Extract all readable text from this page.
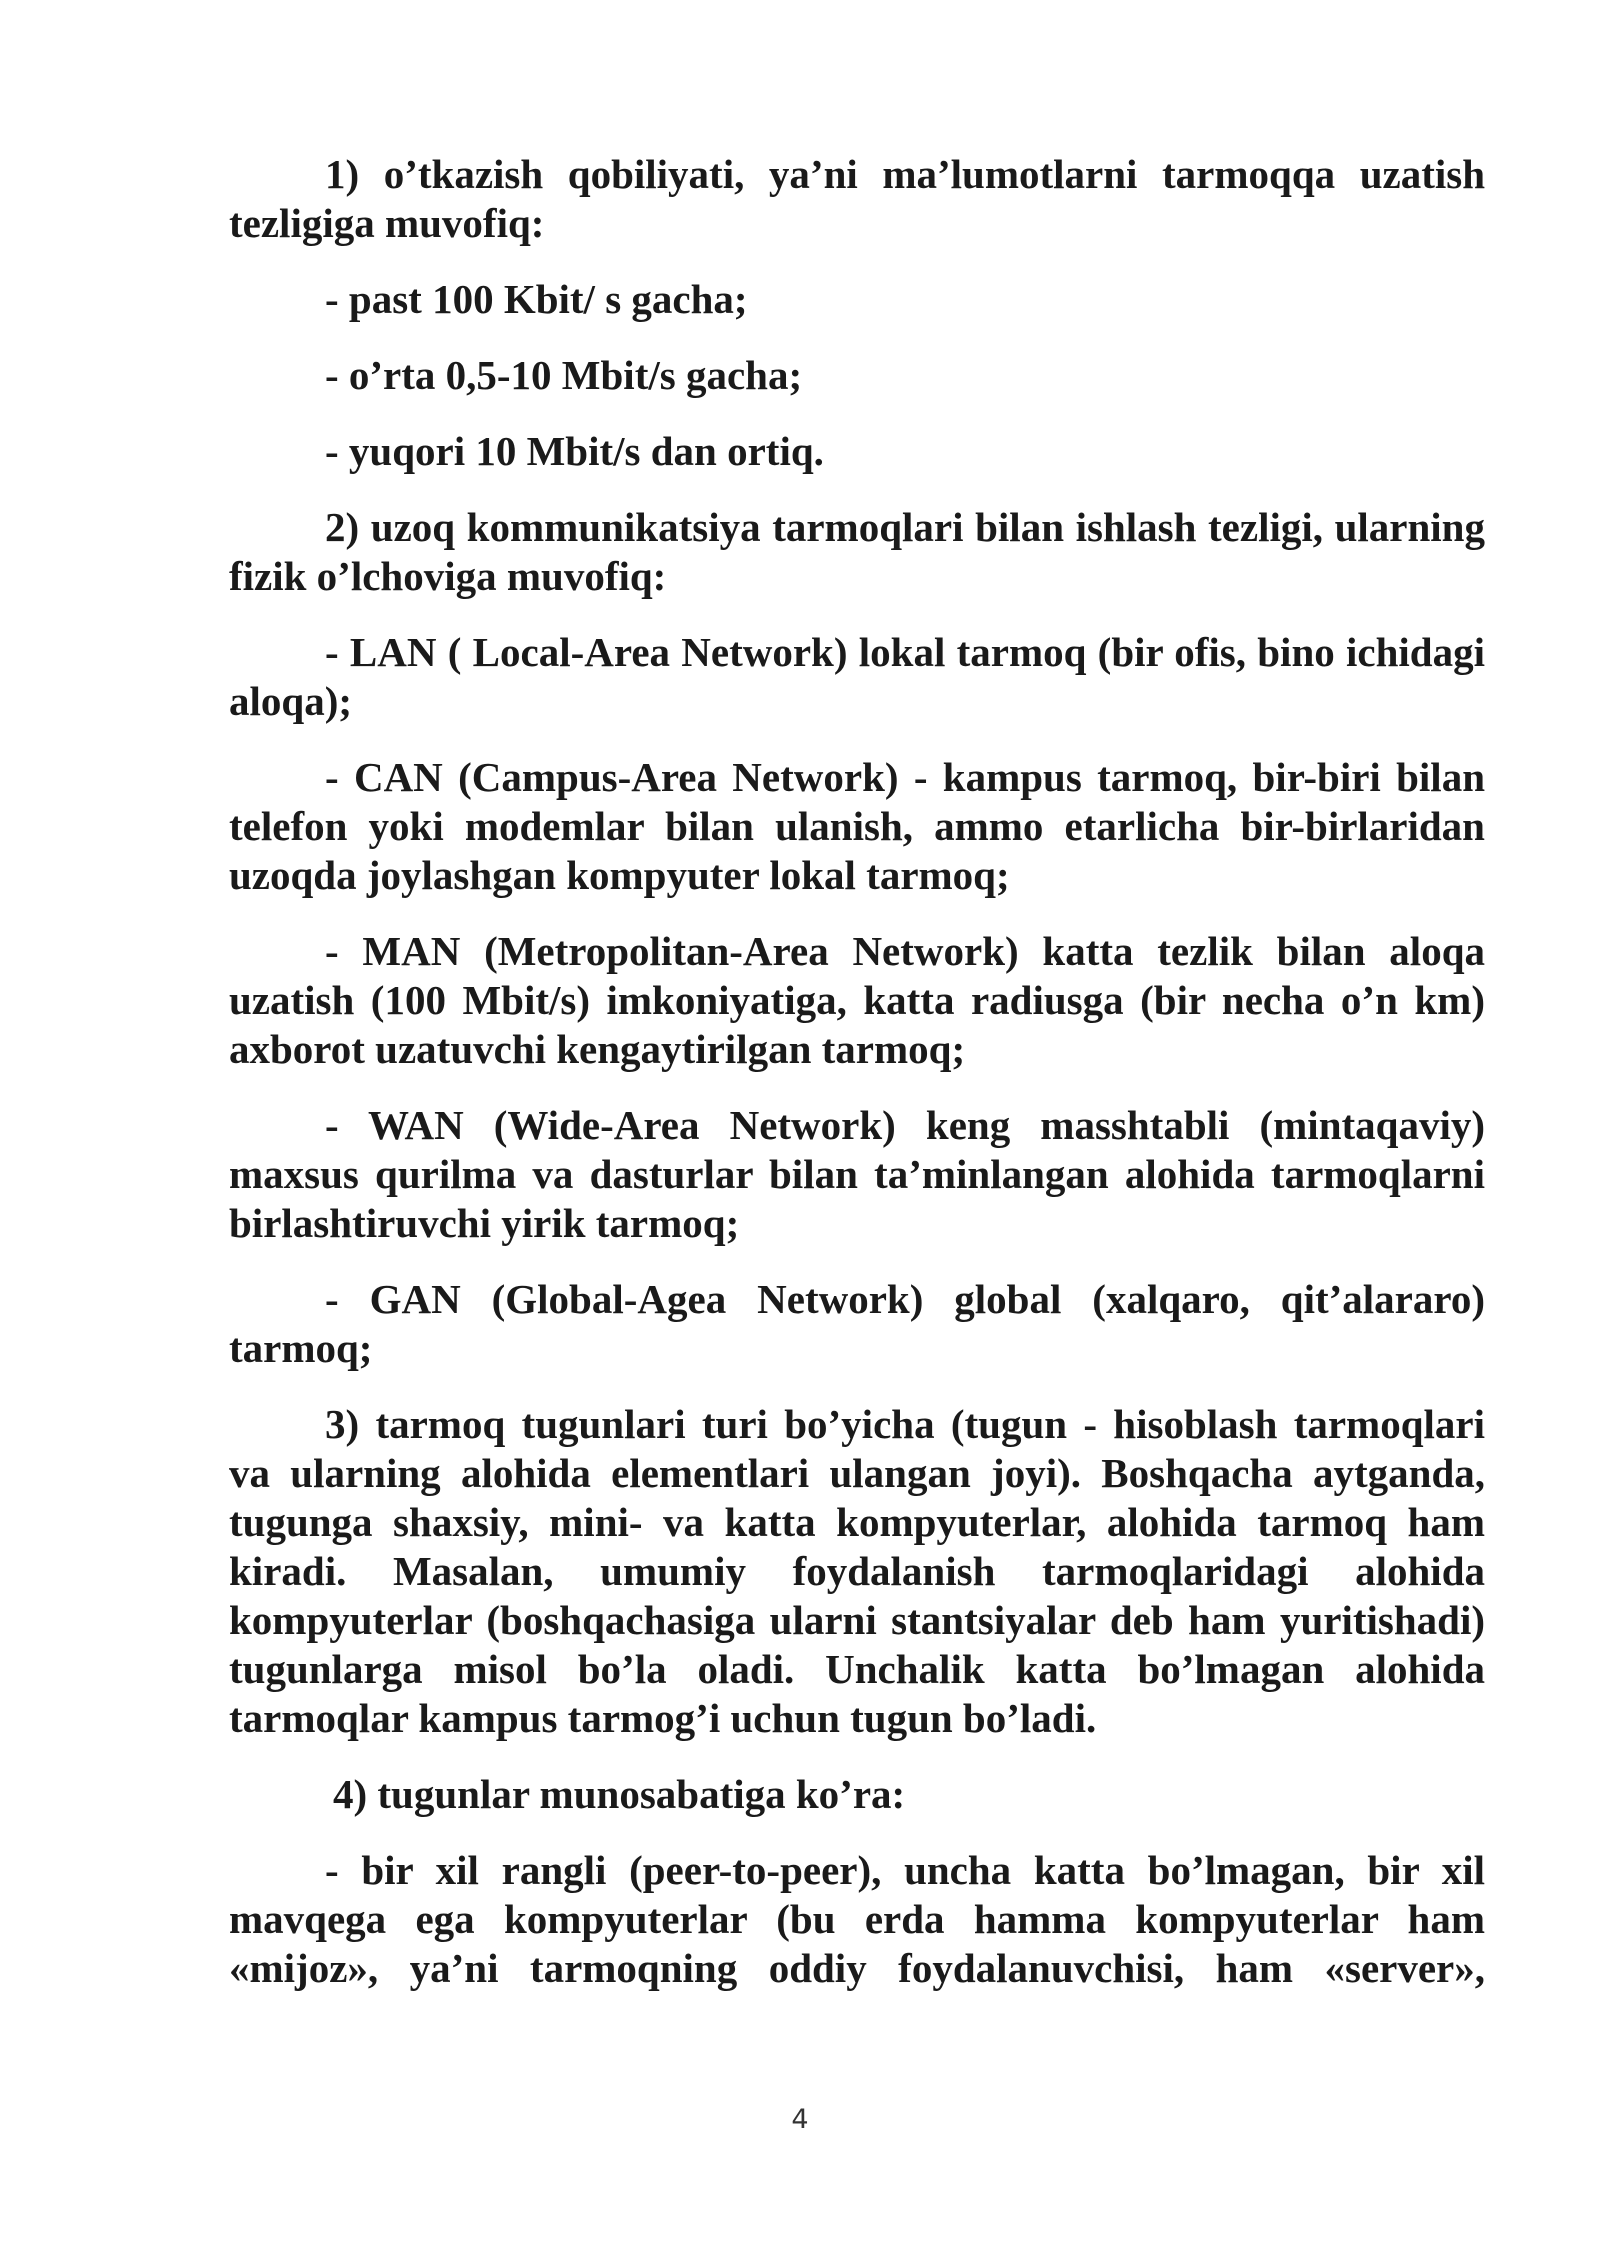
1) o’tkazish qobiliyati, ya’ni ma’lumotlarni tarmoqqa uzatish tezligiga muvofiq:

- past 100 Kbit/ s gacha;

- o’rta 0,5-10 Mbit/s gacha;

- yuqori 10 Mbit/s dan ortiq.

2) uzoq kommunikatsiya tarmoqlari bilan ishlash tezligi, ularning fizik o’lchoviga muvofiq:

- LAN ( Local-Area Network) lokal tarmoq (bir ofis, bino ichidagi aloqa);

- CAN (Campus-Area Network) - kampus tarmoq, bir-biri bilan telefon yoki modemlar bilan ulanish, ammo etarlicha bir-birlaridan uzoqda joylashgan kompyuter lokal tarmoq;

- MAN (Metropolitan-Area Network) katta tezlik bilan aloqa uzatish (100 Mbit/s) imkoniyatiga, katta radiusga (bir necha o’n km) axborot uzatuvchi kengaytirilgan tarmoq;

- WAN (Wide-Area Network) keng masshtabli (mintaqaviy) maxsus qurilma va dasturlar bilan ta’minlangan alohida tarmoqlarni birlashtiruvchi yirik tarmoq;

- GAN (Global-Agea Network) global (xalqaro, qit’alararo) tarmoq;

3) tarmoq tugunlari turi bo’yicha (tugun - hisoblash tarmoqlari va ularning alohida elementlari ulangan joyi). Boshqacha aytganda, tugunga shaxsiy, mini- va katta kompyuterlar, alohida tarmoq ham kiradi. Masalan, umumiy foydalanish tarmoqlaridagi alohida kompyuterlar (boshqachasiga ularni stantsiyalar deb ham yuritishadi) tugunlarga misol bo’la oladi. Unchalik katta bo’lmagan alohida tarmoqlar kampus tarmog’i uchun tugun bo’ladi.

4) tugunlar munosabatiga ko’ra:

- bir xil rangli (peer-to-peer), uncha katta bo’lmagan, bir xil mavqega ega kompyuterlar (bu erda hamma kompyuterlar ham «mijoz», ya’ni tarmoqning oddiy foydalanuvchisi, ham «server»,

4
